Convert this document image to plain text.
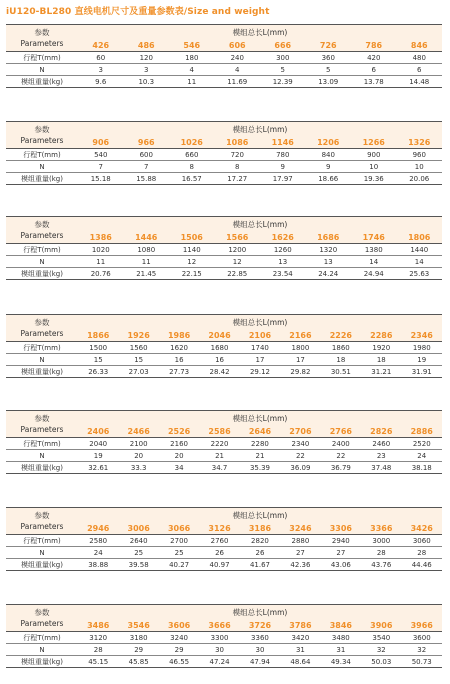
iU120-BL280 直线电机尺寸及重量参数表/Size and weight
参数
Parameters	模组总长L(mm)							
	426	486	546	606	666	726	786	846
行程T(mm)	60	120	180	240	300	360	420	480
N	3	3	4	4	5	5	6	6
模组重量(kg)	9.6	10.3	11	11.69	12.39	13.09	13.78	14.48
参数
Parameters	模组总长L(mm)							
	906	966	1026	1086	1146	1206	1266	1326
行程T(mm)	540	600	660	720	780	840	900	960
N	7	7	8	8	9	9	10	10
模组重量(kg)	15.18	15.88	16.57	17.27	17.97	18.66	19.36	20.06
参数
Parameters	模组总长L(mm)							
	1386	1446	1506	1566	1626	1686	1746	1806
行程T(mm)	1020	1080	1140	1200	1260	1320	1380	1440
N	11	11	12	12	13	13	14	14
模组重量(kg)	20.76	21.45	22.15	22.85	23.54	24.24	24.94	25.63
参数
Parameters	模组总长L(mm)								
	1866	1926	1986	2046	2106	2166	2226	2286	2346
行程T(mm)	1500	1560	1620	1680	1740	1800	1860	1920	1980
N	15	15	16	16	17	17	18	18	19
模组重量(kg)	26.33	27.03	27.73	28.42	29.12	29.82	30.51	31.21	31.91
参数
Parameters	模组总长L(mm)								
	2406	2466	2526	2586	2646	2706	2766	2826	2886
行程T(mm)	2040	2100	2160	2220	2280	2340	2400	2460	2520
N	19	20	20	21	21	22	22	23	24
模组重量(kg)	32.61	33.3	34	34.7	35.39	36.09	36.79	37.48	38.18
参数
Parameters	模组总长L(mm)								
	2946	3006	3066	3126	3186	3246	3306	3366	3426
行程T(mm)	2580	2640	2700	2760	2820	2880	2940	3000	3060
N	24	25	25	26	26	27	27	28	28
模组重量(kg)	38.88	39.58	40.27	40.97	41.67	42.36	43.06	43.76	44.46
参数
Parameters	模组总长L(mm)								
	3486	3546	3606	3666	3726	3786	3846	3906	3966
行程T(mm)	3120	3180	3240	3300	3360	3420	3480	3540	3600
N	28	29	29	30	30	31	31	32	32
模组重量(kg)	45.15	45.85	46.55	47.24	47.94	48.64	49.34	50.03	50.73
